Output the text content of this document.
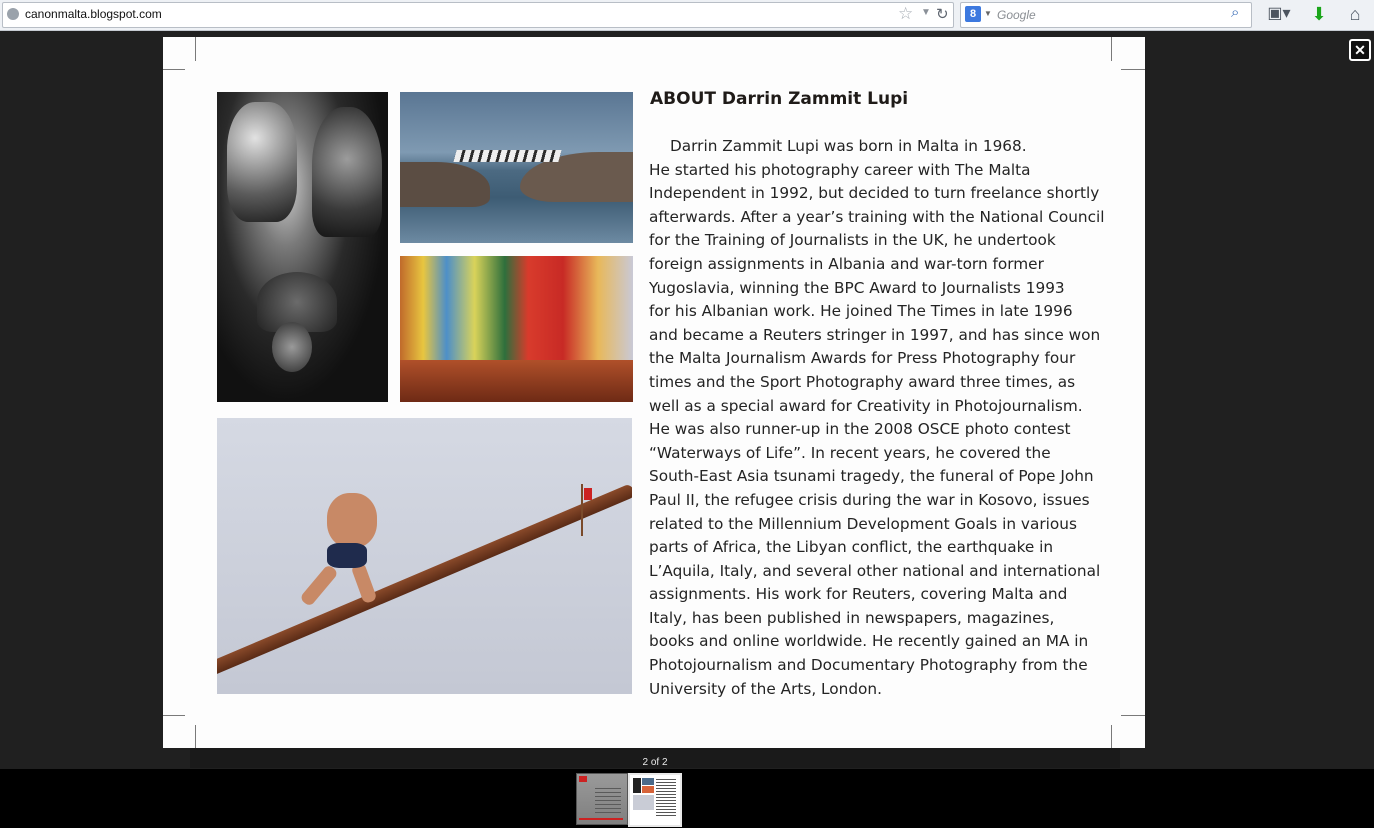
canonmalta.blogspot.com	☆ ▼ ↻	8 ▼ Google	⌕ ▣▾ ⬇	⌂
✕
ABOUT Darrin Zammit Lupi
Darrin Zammit Lupi was born in Malta in 1968.
He started his photography career with The Malta
Independent in 1992, but decided to turn freelance shortly
afterwards. After a year’s training with the National Council
for the Training of Journalists in the UK, he undertook
foreign assignments in Albania and war-torn former
Yugoslavia, winning the BPC Award to Journalists 1993
for his Albanian work. He joined The Times in late 1996
and became a Reuters stringer in 1997, and has since won
the Malta Journalism Awards for Press Photography four
times and the Sport Photography award three times, as
well as a special award for Creativity in Photojournalism.
He was also runner-up in the 2008 OSCE photo contest
“Waterways of Life”. In recent years, he covered the
South-East Asia tsunami tragedy, the funeral of Pope John
Paul II, the refugee crisis during the war in Kosovo, issues
related to the Millennium Development Goals in various
parts of Africa, the Libyan conflict, the earthquake in
L’Aquila, Italy, and several other national and international
assignments. His work for Reuters, covering Malta and
Italy, has been published in newspapers, magazines,
books and online worldwide. He recently gained an MA in
Photojournalism and Documentary Photography from the
University of the Arts, London.
2 of 2
